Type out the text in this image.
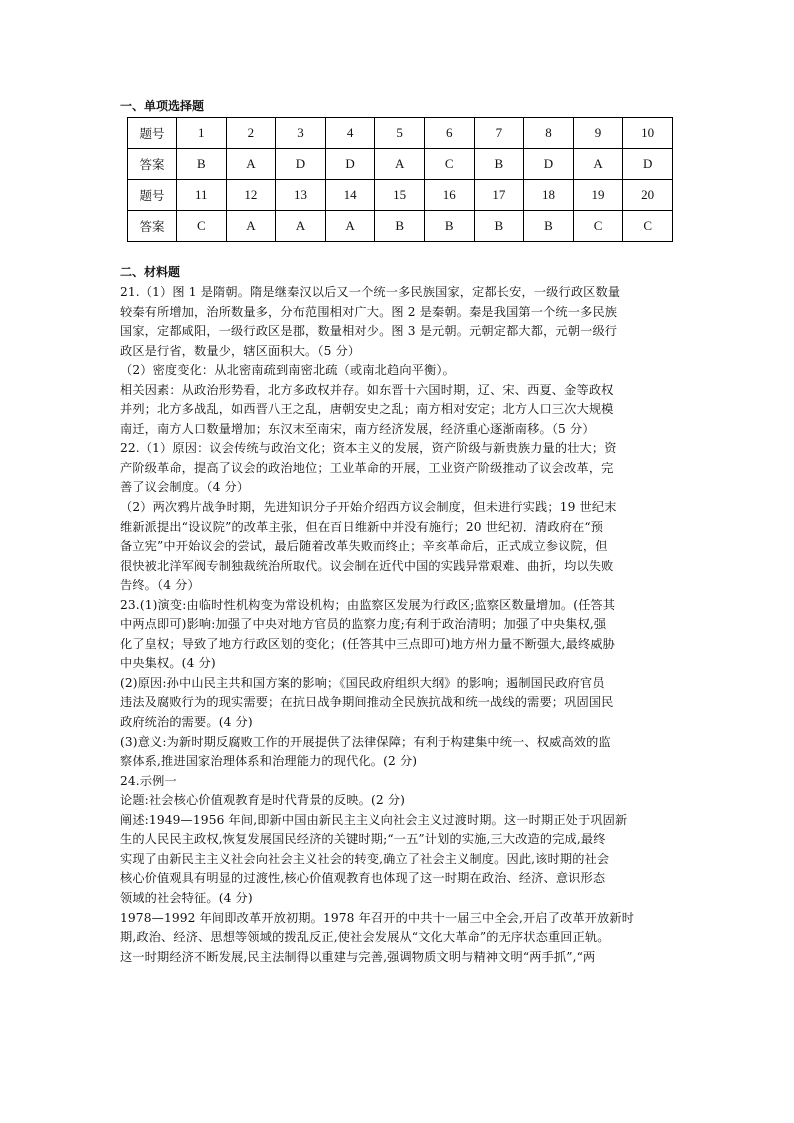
一、单项选择题
题号	1	2	3	4	5	6	7	8	9	10
答案	B	A	D	D	A	C	B	D	A	D
题号	11	12	13	14	15	16	17	18	19	20
答案	C	A	A	A	B	B	B	B	C	C
二、材料题

21.（1）图 1 是隋朝。隋是继秦汉以后又一个统一多民族国家，定都长安，一级行政区数量

较秦有所增加，治所数量多，分布范围相对广大。图 2 是秦朝。秦是我国第一个统一多民族

国家，定都咸阳，一级行政区是郡，数量相对少。图 3 是元朝。元朝定都大都，元朝一级行

政区是行省，数量少，辖区面积大。（5 分）

（2）密度变化：从北密南疏到南密北疏（或南北趋向平衡）。

相关因素：从政治形势看，北方多政权并存。如东晋十六国时期，辽、宋、西夏、金等政权

并列；北方多战乱，如西晋八王之乱，唐朝安史之乱；南方相对安定；北方人口三次大规模

南迁，南方人口数量增加；东汉末至南宋，南方经济发展，经济重心逐渐南移。（5 分）

22.（1）原因：议会传统与政治文化；资本主义的发展，资产阶级与新贵族力量的壮大；资

产阶级革命，提高了议会的政治地位；工业革命的开展，工业资产阶级推动了议会改革，完

善了议会制度。（4 分）

（2）两次鸦片战争时期，先进知识分子开始介绍西方议会制度，但未进行实践；19 世纪末

维新派提出“设议院”的改革主张，但在百日维新中并没有施行；20 世纪初．清政府在“预

备立宪”中开始议会的尝试，最后随着改革失败而终止；辛亥革命后，正式成立参议院，但

很快被北洋军阀专制独裁统治所取代。议会制在近代中国的实践异常艰难、曲折，均以失败

告终。（4 分）

23.(1)演变:由临时性机构变为常设机构；由监察区发展为行政区;监察区数量增加。(任答其

中两点即可)影响:加强了中央对地方官员的监察力度;有利于政治清明；加强了中央集权,强

化了皇权；导致了地方行政区划的变化；(任答其中三点即可)地方州力量不断强大,最终威胁

中央集权。(4 分)

(2)原因:孙中山民主共和国方案的影响；《国民政府组织大纲》的影响；遏制国民政府官员

违法及腐败行为的现实需要；在抗日战争期间推动全民族抗战和统一战线的需要；巩固国民

政府统治的需要。(4 分)

(3)意义:为新时期反腐败工作的开展提供了法律保障；有利于构建集中统一、权威高效的监

察体系,推进国家治理体系和治理能力的现代化。(2 分)

24.示例一

论题:社会核心价值观教育是时代背景的反映。(2 分)

阐述:1949—1956 年间,即新中国由新民主主义向社会主义过渡时期。这一时期正处于巩固新

生的人民民主政权,恢复发展国民经济的关键时期;“一五”计划的实施,三大改造的完成,最终

实现了由新民主主义社会向社会主义社会的转变,确立了社会主义制度。因此,该时期的社会

核心价值观具有明显的过渡性,核心价值观教育也体现了这一时期在政治、经济、意识形态

领域的社会特征。(4 分)

1978—1992 年间即改革开放初期。1978 年召开的中共十一届三中全会,开启了改革开放新时

期,政治、经济、思想等领域的拨乱反正,使社会发展从“文化大革命”的无序状态重回正轨。

这一时期经济不断发展,民主法制得以重建与完善,强调物质文明与精神文明“两手抓”,“两
